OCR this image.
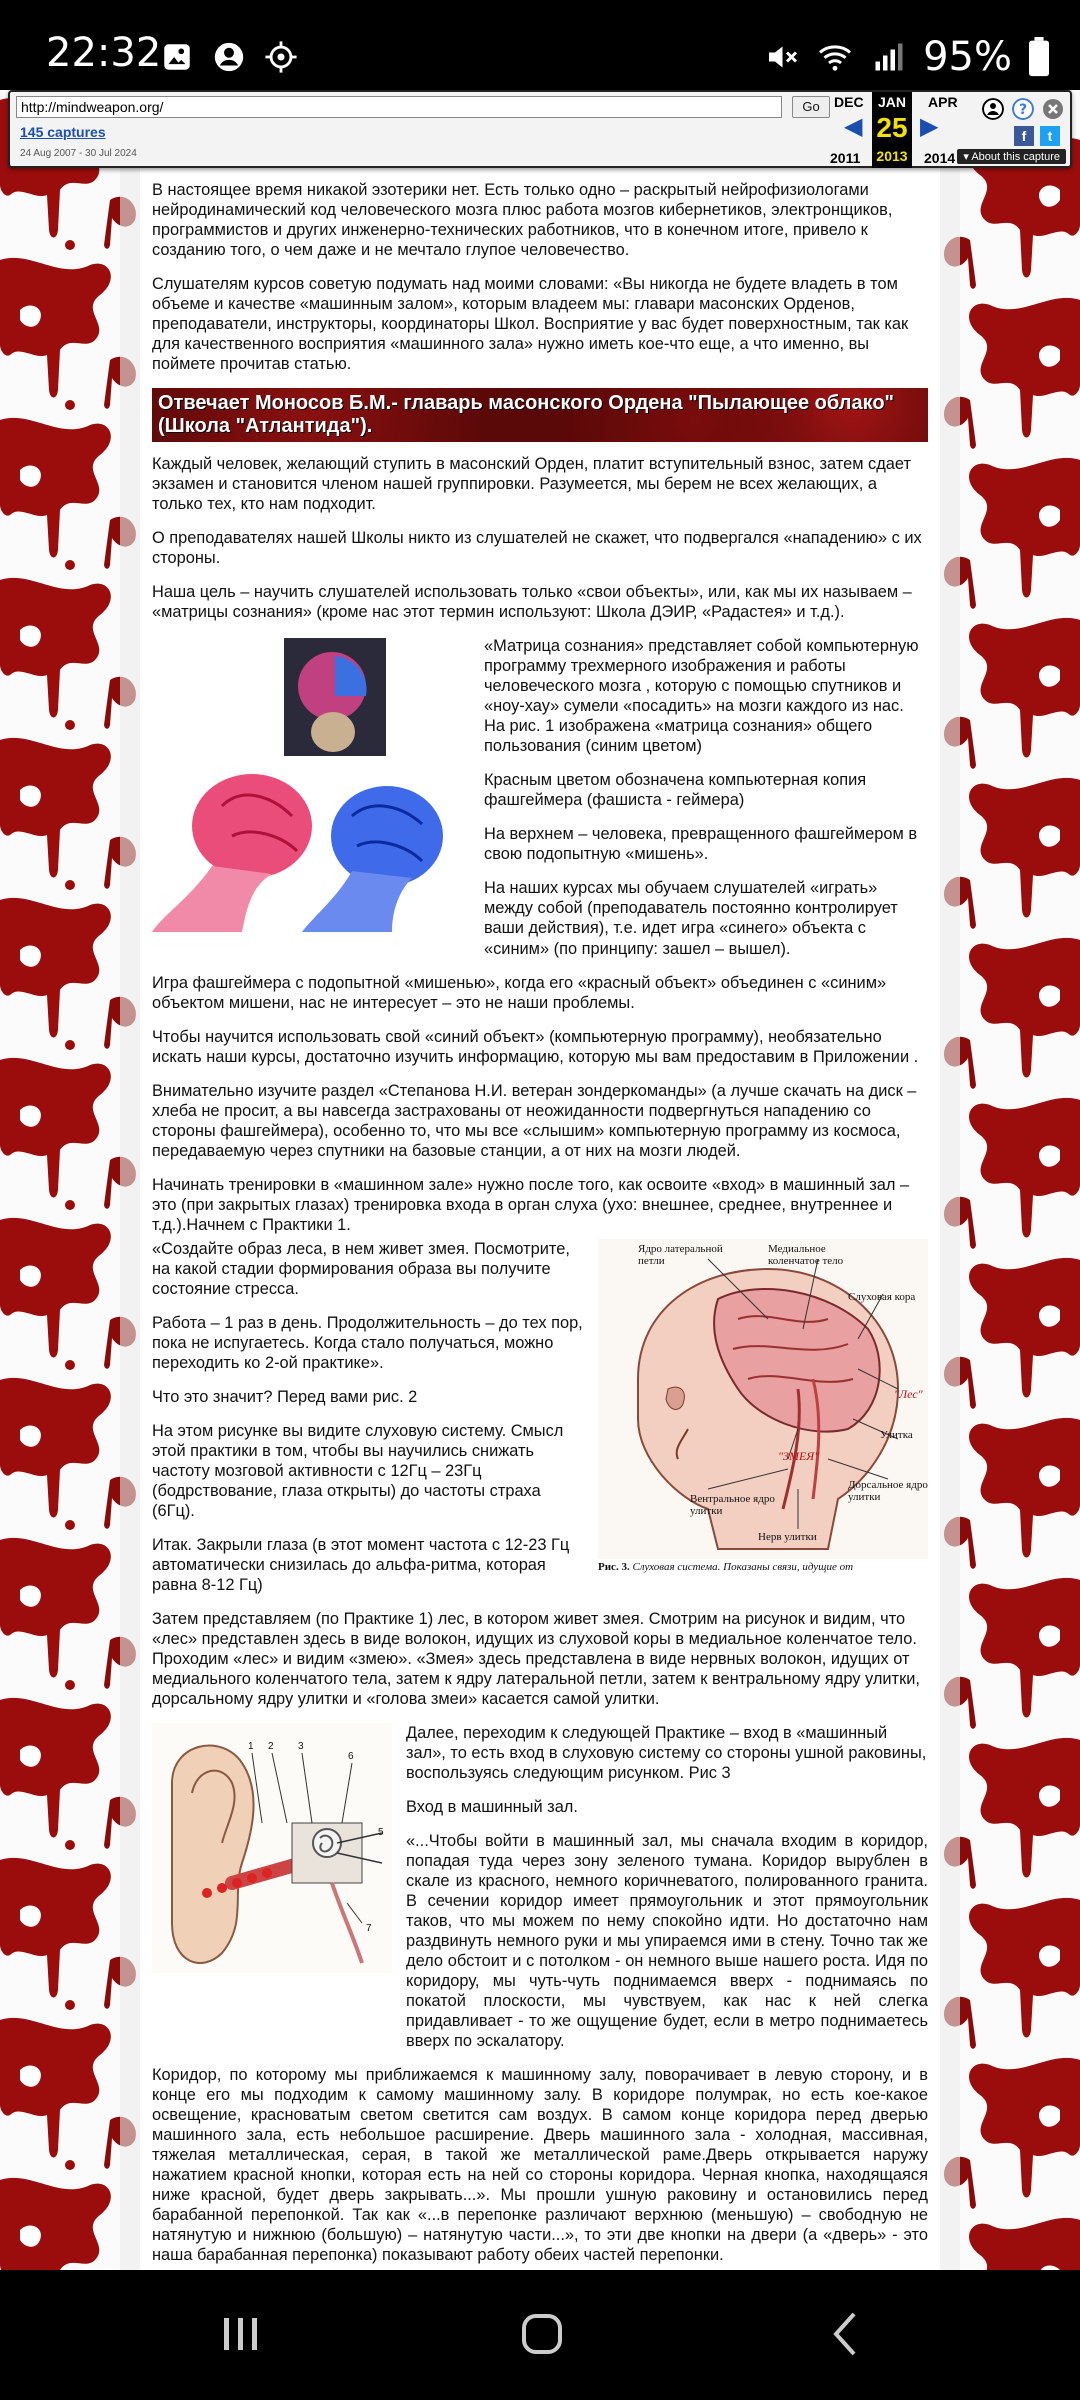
22:32	95%

В настоящее время никакой эзотерики нет. Есть только одно – раскрытый нейрофизиологами нейродинамический код человеческого мозга плюс работа мозгов кибернетиков, электронщиков, программистов и других инженерно-технических работников, что в конечном итоге, привело к созданию того, о чем даже и не мечтало глупое человечество.

Слушателям курсов советую подумать над моими словами: «Вы никогда не будете владеть в том объеме и качестве «машинным залом», которым владеем мы: главари масонских Орденов, преподаватели, инструкторы, координаторы Школ. Восприятие у вас будет поверхностным, так как для качественного восприятия «машинного зала» нужно иметь кое-что еще, а что именно, вы поймете прочитав статью.

Отвечает Моносов Б.М.- главарь масонского Ордена "Пылающее облако" (Школа "Атлантида").

Каждый человек, желающий ступить в масонский Орден, платит вступительный взнос, затем сдает экзамен и становится членом нашей группировки. Разумеется, мы берем не всех желающих, а только тех, кто нам подходит.

О преподавателях нашей Школы никто из слушателей не скажет, что подвергался «нападению» с их стороны.

Наша цель – научить слушателей использовать только «свои объекты», или, как мы их называем – «матрицы сознания» (кроме нас этот термин используют: Школа ДЭИР, «Радастея» и т.д.).

«Матрица сознания» представляет собой компьютерную программу трехмерного изображения и работы человеческого мозга , которую с помощью спутников и «ноу-хау» сумели «посадить» на мозги каждого из нас. На рис. 1 изображена «матрица сознания» общего пользования (синим цветом)

Красным цветом обозначена компьютерная копия фашгеймера (фашиста - геймера)

На верхнем – человека, превращенного фашгеймером в свою подопытную «мишень».

На наших курсах мы обучаем слушателей «играть» между собой (преподаватель постоянно контролирует ваши действия), т.е. идет игра «синего» объекта с «синим» (по принципу: зашел – вышел).

Игра фашгеймера с подопытной «мишенью», когда его «красный объект» объединен с «синим» объектом мишени, нас не интересует – это не наши проблемы.

Чтобы научится использовать свой «синий объект» (компьютерную программу), необязательно искать наши курсы, достаточно изучить информацию, которую мы вам предоставим в Приложении .

Внимательно изучите раздел «Степанова Н.И. ветеран зондеркоманды» (а лучше скачать на диск – хлеба не просит, а вы навсегда застрахованы от неожиданности подвергнуться нападению со стороны фашгеймера), особенно то, что мы все «слышим» компьютерную программу из космоса, передаваемую через спутники на базовые станции, а от них на мозги людей.

Начинать тренировки в «машинном зале» нужно после того, как освоите «вход» в машинный зал – это (при закрытых глазах) тренировка входа в орган слуха (ухо: внешнее, среднее, внутреннее и т.д.).Начнем с Практики 1.

«Создайте образ леса, в нем живет змея. Посмотрите, на какой стадии формирования образа вы получите состояние стресса.

Работа – 1 раз в день. Продолжительность – до тех пор, пока не испугаетесь. Когда стало получаться, можно переходить ко 2-ой практике».

Что это значит? Перед вами рис. 2

На этом рисунке вы видите слуховую систему. Смысл этой практики в том, чтобы вы научились снижать частоту мозговой активности с 12Гц – 23Гц (бодрствование, глаза открыты) до частоты страха (6Гц).

Итак. Закрыли глаза (в этот момент частота с 12-23 Гц автоматически снизилась до альфа-ритма, которая равна 8-12 Гц)

Ядро латеральной петли
Медиальное коленчатое тело
Слуховая кора
"Лес"
Улитка
"ЗМЕЯ"
Дорсальное ядро улитки
Вентральное ядро улитки
Нерв улитки
Рис. 3. Слуховая система. Показаны связи, идущие от

Затем представляем (по Практике 1) лес, в котором живет змея. Смотрим на рисунок и видим, что «лес» представлен здесь в виде волокон, идущих из слуховой коры в медиальное коленчатое тело. Проходим «лес» и видим «змею». «Змея» здесь представлена в виде нервных волокон, идущих от медиального коленчатого тела, затем к ядру латеральной петли, затем к вентральному ядру улитки, дорсальному ядру улитки и «голова змеи» касается самой улитки.

1 2 3
6
5
7

Далее, переходим к следующей Практике – вход в «машинный зал», то есть вход в слуховую систему со стороны ушной раковины, воспользуясь следующим рисунком. Рис 3

Вход в машинный зал.

«...Чтобы войти в машинный зал, мы сначала входим в коридор, попадая туда через зону зеленого тумана. Коридор вырублен в скале из красного, немного коричневатого, полированного гранита. В сечении коридор имеет прямоугольник и этот прямоугольник таков, что мы можем по нему спокойно идти. Но достаточно нам раздвинуть немного руки и мы упираемся ими в стену. Точно так же дело обстоит и с потолком - он немного выше нашего роста. Идя по коридору, мы чуть-чуть поднимаемся вверх - поднимаясь по покатой плоскости, мы чувствуем, как нас к ней слегка придавливает - то же ощущение будет, если в метро поднимаетесь вверх по эскалатору.

Коридор, по которому мы приближаемся к машинному залу, поворачивает в левую сторону, и в конце его мы подходим к самому машинному залу. В коридоре полумрак, но есть кое-какое освещение, красноватым светом светится сам воздух. В самом конце коридора перед дверью машинного зала, есть небольшое расширение. Дверь машинного зала - холодная, массивная, тяжелая металлическая, серая, в такой же металлической раме.Дверь открывается наружу нажатием красной кнопки, которая есть на ней со стороны коридора. Черная кнопка, находящаяся ниже красной, будет дверь закрывать...». Мы прошли ушную раковину и остановились перед барабанной перепонкой. Так как «...в перепонке различают верхнюю (меньшую) – свободную не натянутую и нижнюю (большую) – натянутую части...», то эти две кнопки на двери (а «дверь» - это наша барабанная перепонка) показывают работу обеих частей перепонки.

http://mindweapon.org/
Go
145 captures
24 Aug 2007 - 30 Jul 2024
DEC	APR
◀ ▶
JAN
25
2013
2011	2014
?
f	t
▾ About this capture
